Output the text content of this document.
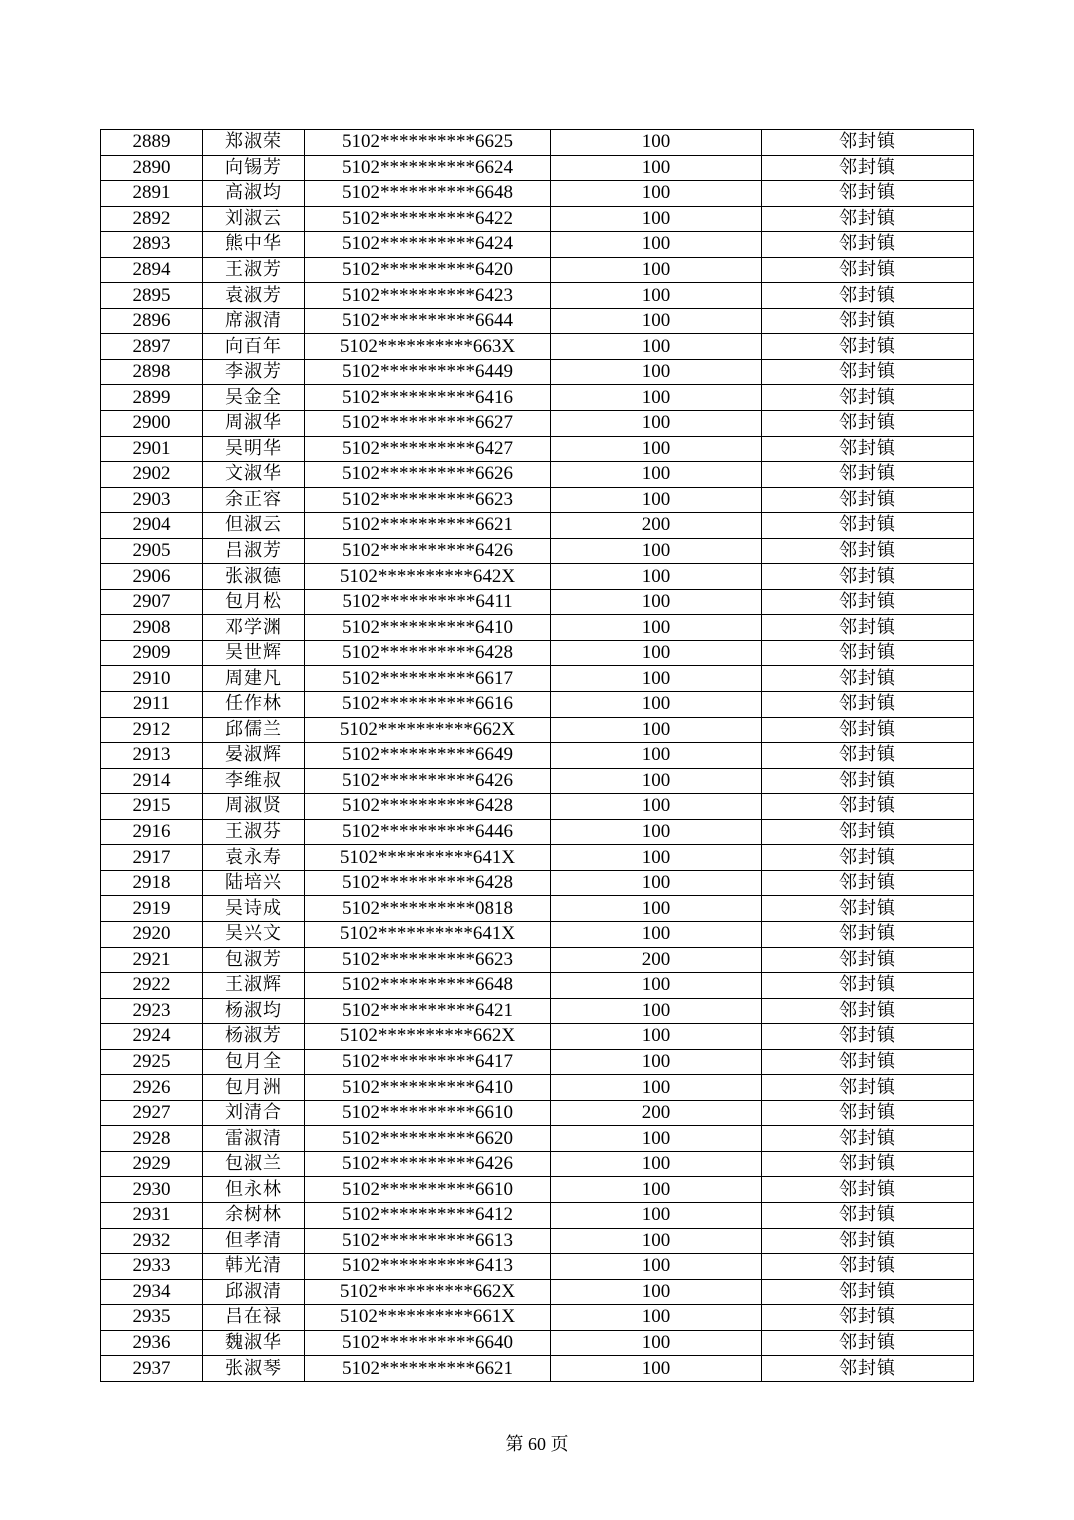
2889	郑淑荣	5102**********6625	100	邻封镇
2890	向锡芳	5102**********6624	100	邻封镇
2891	高淑均	5102**********6648	100	邻封镇
2892	刘淑云	5102**********6422	100	邻封镇
2893	熊中华	5102**********6424	100	邻封镇
2894	王淑芳	5102**********6420	100	邻封镇
2895	袁淑芳	5102**********6423	100	邻封镇
2896	席淑清	5102**********6644	100	邻封镇
2897	向百年	5102**********663X	100	邻封镇
2898	李淑芳	5102**********6449	100	邻封镇
2899	吴金全	5102**********6416	100	邻封镇
2900	周淑华	5102**********6627	100	邻封镇
2901	吴明华	5102**********6427	100	邻封镇
2902	文淑华	5102**********6626	100	邻封镇
2903	余正容	5102**********6623	100	邻封镇
2904	但淑云	5102**********6621	200	邻封镇
2905	吕淑芳	5102**********6426	100	邻封镇
2906	张淑德	5102**********642X	100	邻封镇
2907	包月松	5102**********6411	100	邻封镇
2908	邓学渊	5102**********6410	100	邻封镇
2909	吴世辉	5102**********6428	100	邻封镇
2910	周建凡	5102**********6617	100	邻封镇
2911	任作林	5102**********6616	100	邻封镇
2912	邱儒兰	5102**********662X	100	邻封镇
2913	晏淑辉	5102**********6649	100	邻封镇
2914	李维叔	5102**********6426	100	邻封镇
2915	周淑贤	5102**********6428	100	邻封镇
2916	王淑芬	5102**********6446	100	邻封镇
2917	袁永寿	5102**********641X	100	邻封镇
2918	陆培兴	5102**********6428	100	邻封镇
2919	吴诗成	5102**********0818	100	邻封镇
2920	吴兴文	5102**********641X	100	邻封镇
2921	包淑芳	5102**********6623	200	邻封镇
2922	王淑辉	5102**********6648	100	邻封镇
2923	杨淑均	5102**********6421	100	邻封镇
2924	杨淑芳	5102**********662X	100	邻封镇
2925	包月全	5102**********6417	100	邻封镇
2926	包月洲	5102**********6410	100	邻封镇
2927	刘清合	5102**********6610	200	邻封镇
2928	雷淑清	5102**********6620	100	邻封镇
2929	包淑兰	5102**********6426	100	邻封镇
2930	但永林	5102**********6610	100	邻封镇
2931	余树林	5102**********6412	100	邻封镇
2932	但孝清	5102**********6613	100	邻封镇
2933	韩光清	5102**********6413	100	邻封镇
2934	邱淑清	5102**********662X	100	邻封镇
2935	吕在禄	5102**********661X	100	邻封镇
2936	魏淑华	5102**********6640	100	邻封镇
2937	张淑琴	5102**********6621	100	邻封镇
第 60 页
